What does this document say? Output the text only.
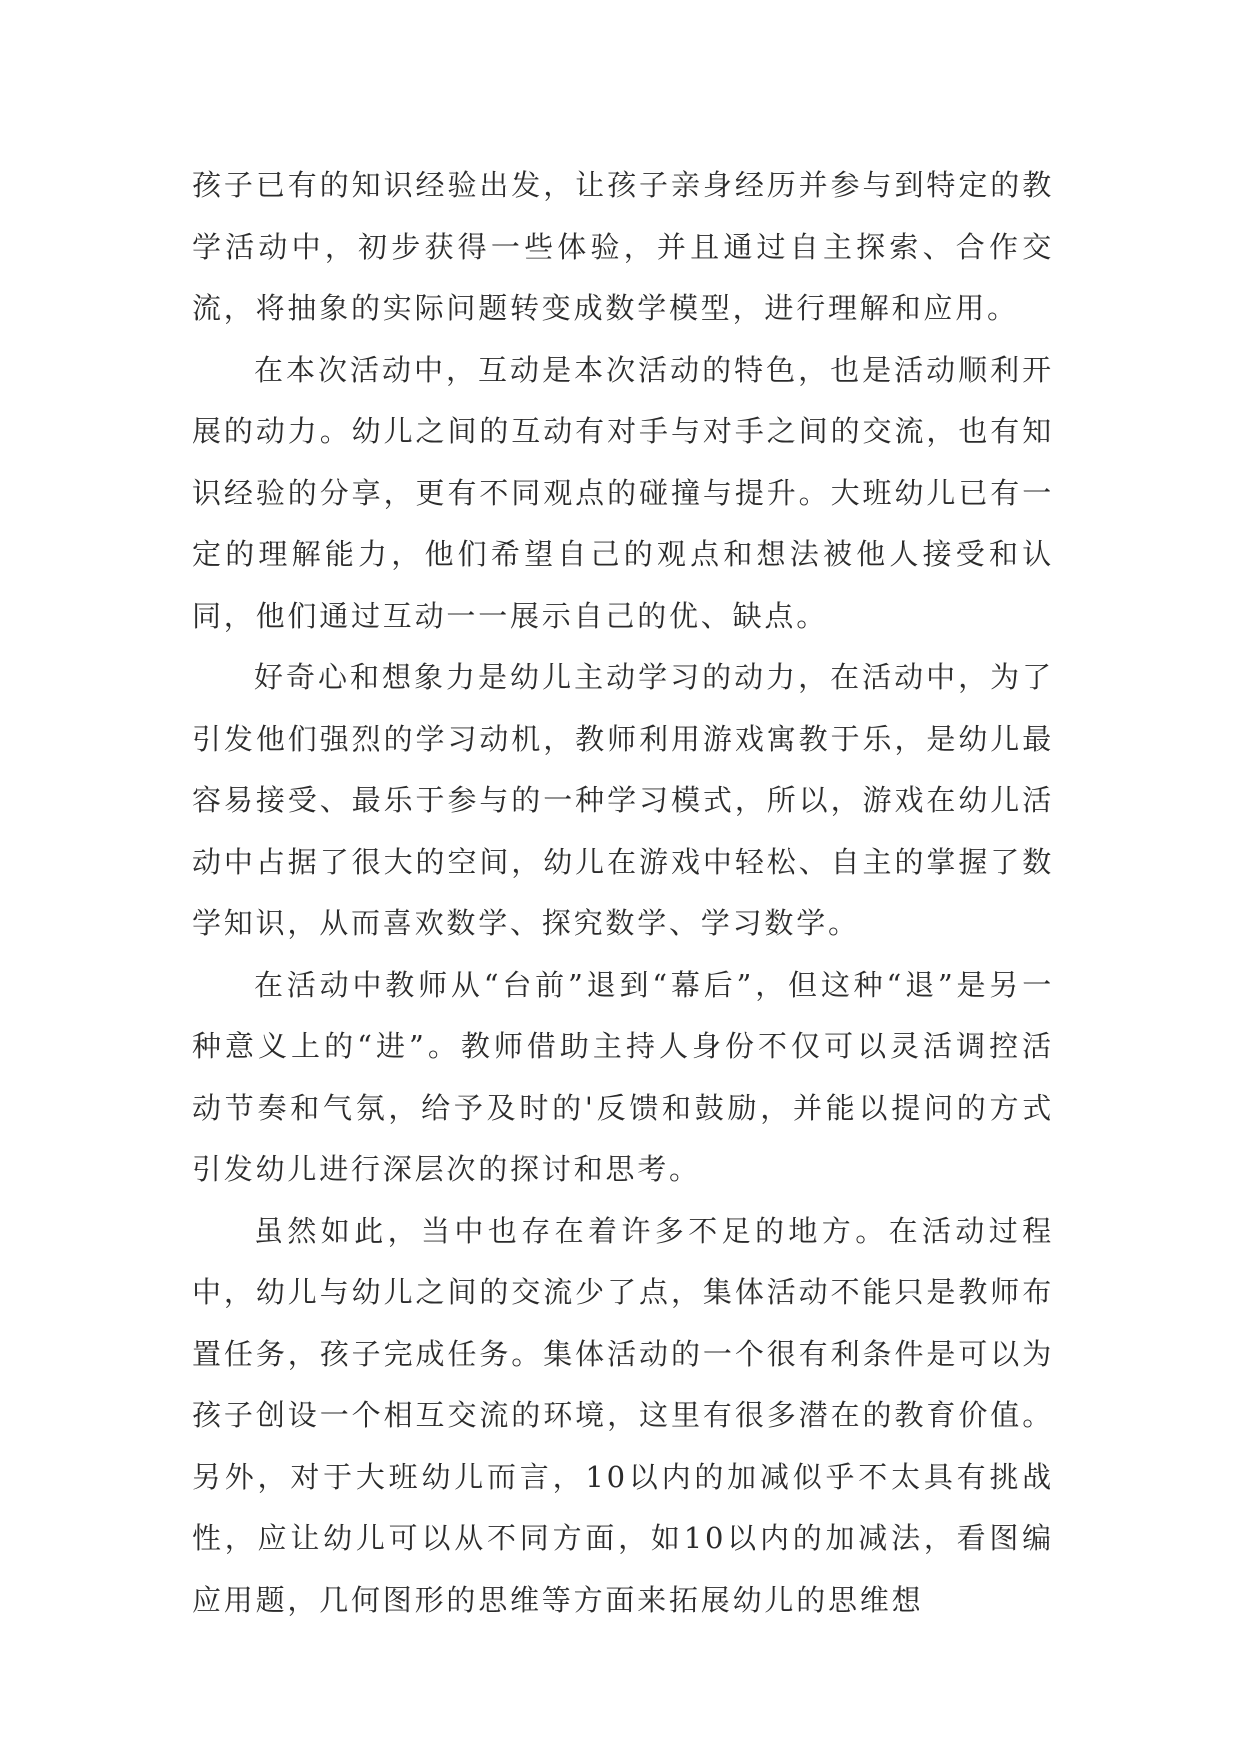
孩子已有的知识经验出发，让孩子亲身经历并参与到特定的教学活动中，初步获得一些体验，并且通过自主探索、合作交流，将抽象的实际问题转变成数学模型，进行理解和应用。

在本次活动中，互动是本次活动的特色，也是活动顺利开展的动力。幼儿之间的互动有对手与对手之间的交流，也有知识经验的分享，更有不同观点的碰撞与提升。大班幼儿已有一定的理解能力，他们希望自己的观点和想法被他人接受和认同，他们通过互动一一展示自己的优、缺点。

好奇心和想象力是幼儿主动学习的动力，在活动中，为了引发他们强烈的学习动机，教师利用游戏寓教于乐，是幼儿最容易接受、最乐于参与的一种学习模式，所以，游戏在幼儿活动中占据了很大的空间，幼儿在游戏中轻松、自主的掌握了数学知识，从而喜欢数学、探究数学、学习数学。

在活动中教师从“台前”退到“幕后”，但这种“退”是另一种意义上的“进”。教师借助主持人身份不仅可以灵活调控活动节奏和气氛，给予及时的'反馈和鼓励，并能以提问的方式引发幼儿进行深层次的探讨和思考。

虽然如此，当中也存在着许多不足的地方。在活动过程中，幼儿与幼儿之间的交流少了点，集体活动不能只是教师布置任务，孩子完成任务。集体活动的一个很有利条件是可以为孩子创设一个相互交流的环境，这里有很多潜在的教育价值。另外，对于大班幼儿而言，10以内的加减似乎不太具有挑战性，应让幼儿可以从不同方面，如10以内的加减法，看图编应用题，几何图形的思维等方面来拓展幼儿的思维想
